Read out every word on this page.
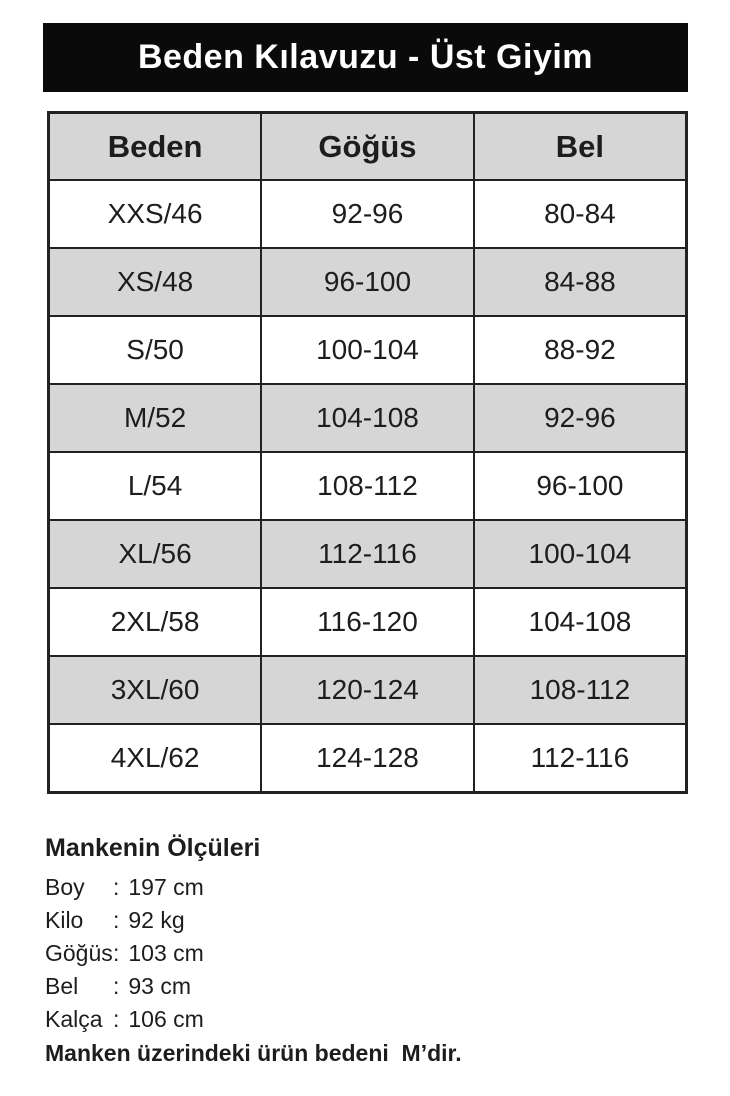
Beden Kılavuzu - Üst Giyim
Beden	Göğüs	Bel
XXS/46	92-96	80-84
XS/48	96-100	84-88
S/50	100-104	88-92
M/52	104-108	92-96
L/54	108-112	96-100
XL/56	112-116	100-104
2XL/58	116-120	104-108
3XL/60	120-124	108-112
4XL/62	124-128	112-116
Mankenin Ölçüleri
Boy	: 197 cm
Kilo	: 92 kg
Göğüs : 103 cm
Bel	: 93 cm
Kalça : 106 cm
Manken üzerindeki ürün bedeni  M’dir.
